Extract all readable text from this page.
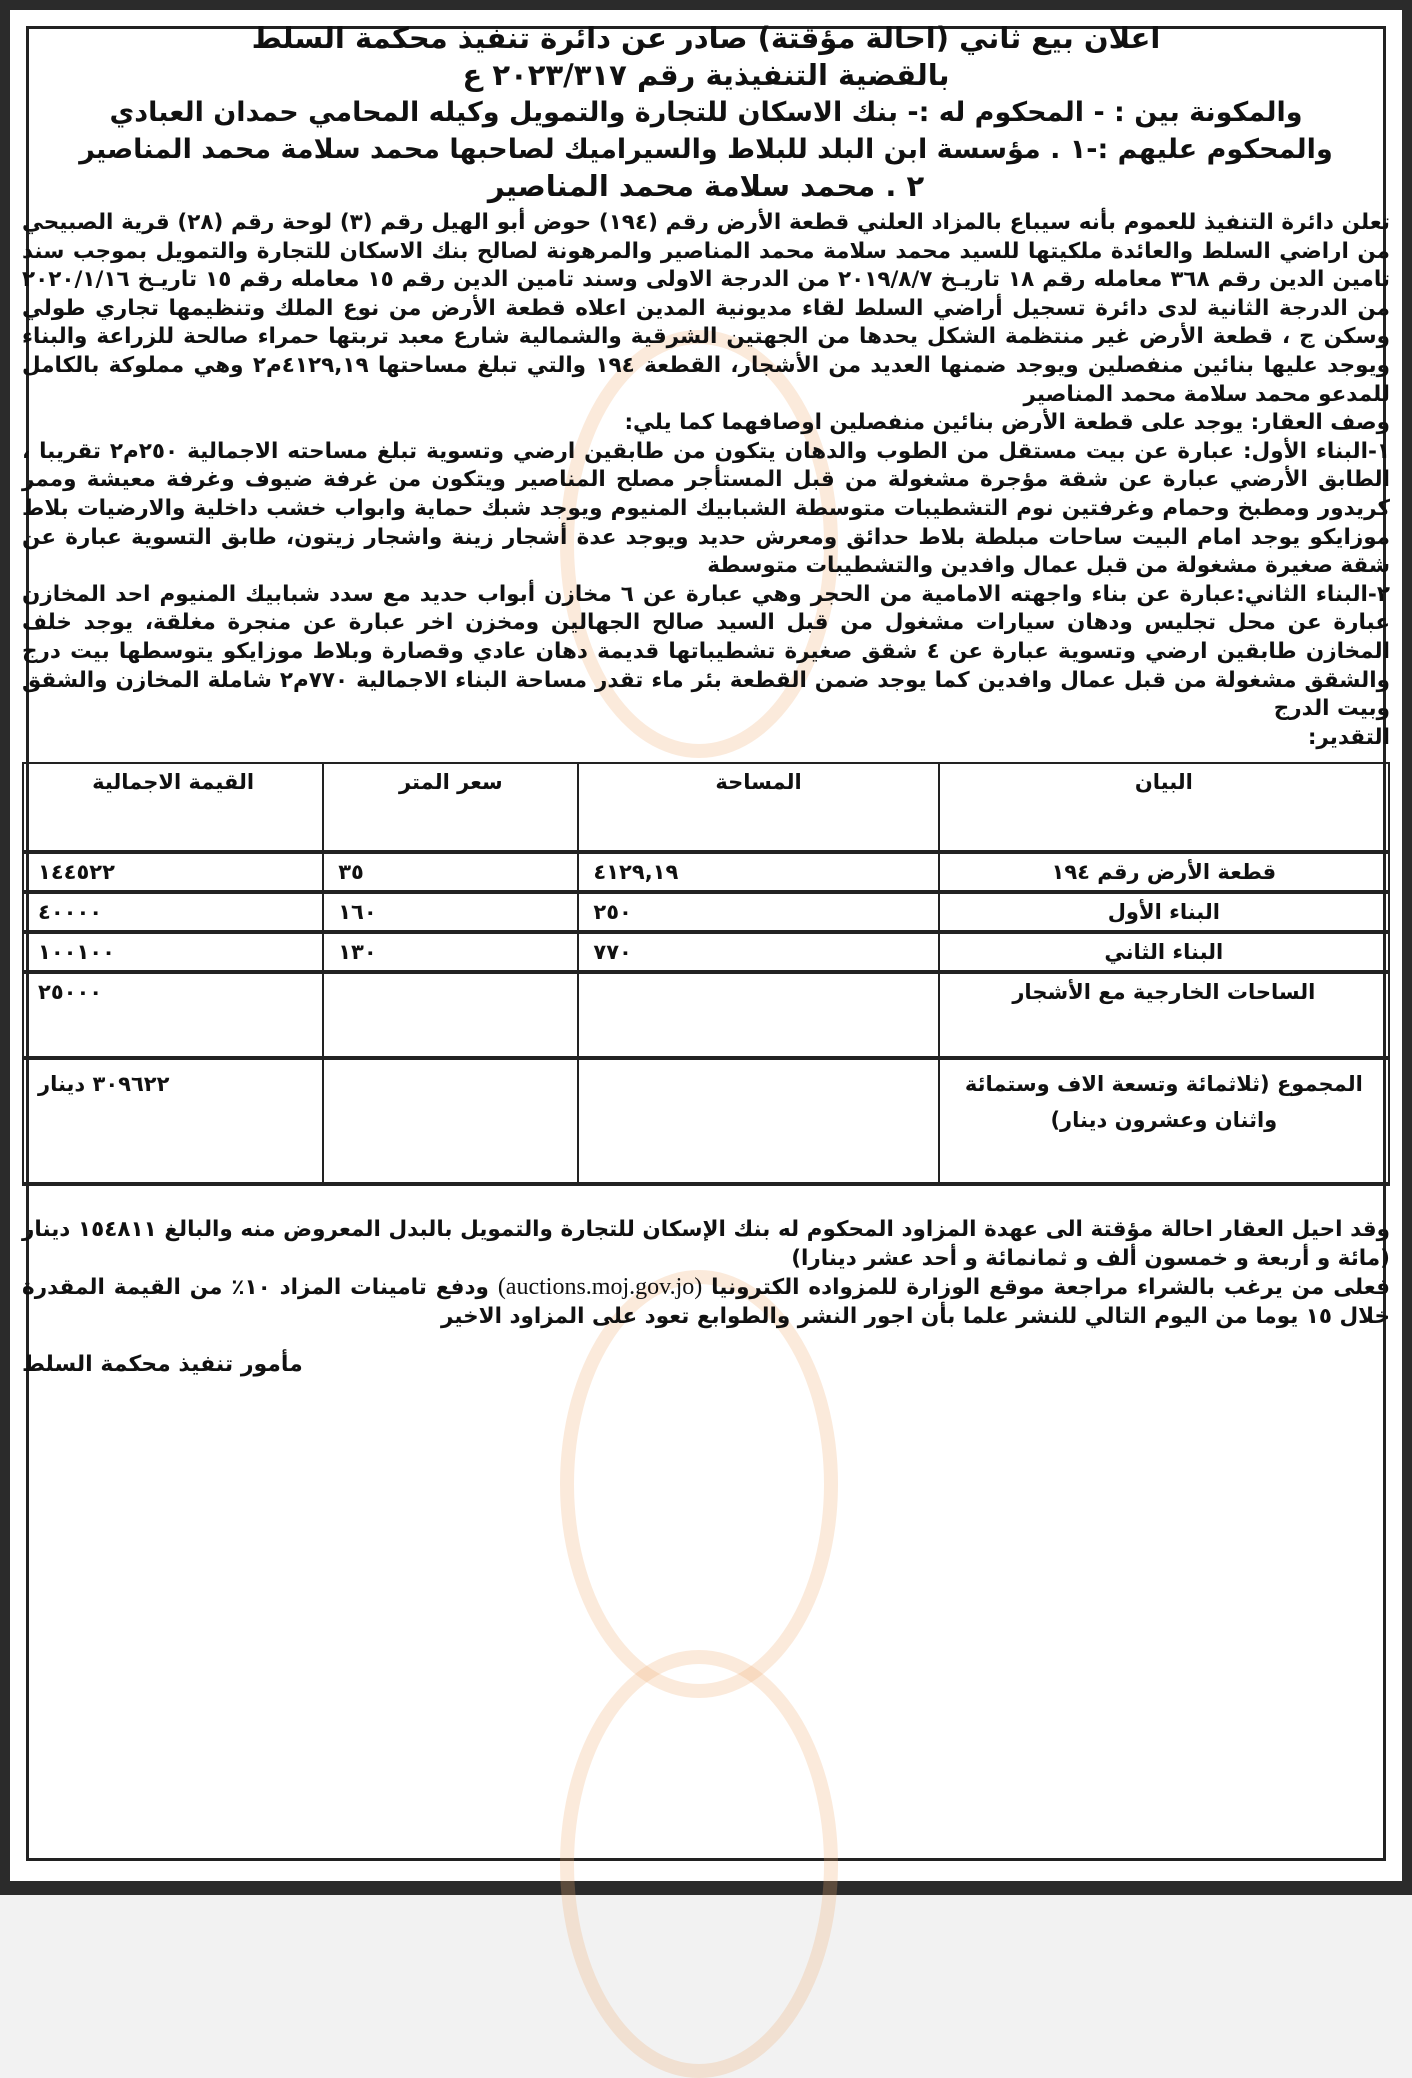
اعلان بيع ثاني (احالة مؤقتة) صادر عن دائرة تنفيذ محكمة السلط
بالقضية التنفيذية رقم ٢٠٢٣/٣١٧ ع
والمكونة بين : - المحكوم له :- بنك الاسكان للتجارة والتمويل وكيله المحامي حمدان العبادي
والمحكوم عليهم :-١ . مؤسسة ابن البلد للبلاط والسيراميك لصاحبها محمد سلامة محمد المناصير
٢ . محمد سلامة محمد المناصير

تعلن دائرة التنفيذ للعموم بأنه سيباع بالمزاد العلني قطعة الأرض رقم (١٩٤) حوض أبو الهيل رقم (٣) لوحة رقم (٢٨) قرية الصبيحي من اراضي السلط والعائدة ملكيتها للسيد محمد سلامة محمد المناصير والمرهونة لصالح بنك الاسكان للتجارة والتمويل بموجب سند تامين الدين رقم ٣٦٨ معامله رقم ١٨ تاريـخ ٢٠١٩/٨/٧ من الدرجة الاولى وسند تامين الدين رقم ١٥ معامله رقم ١٥ تاريـخ ٢٠٢٠/١/١٦ من الدرجة الثانية لدى دائرة تسجيل أراضي السلط لقاء مديونية المدين اعلاه قطعة الأرض من نوع الملك وتنظيمها تجاري طولي وسكن ج ، قطعة الأرض غير منتظمة الشكل يحدها من الجهتين الشرقية والشمالية شارع معبد تربتها حمراء صالحة للزراعة والبناء ويوجد عليها بنائين منفصلين ويوجد ضمنها العديد من الأشجار، القطعة ١٩٤ والتي تبلغ مساحتها ٤١٢٩,١٩م٢ وهي مملوكة بالكامل للمدعو محمد سلامة محمد المناصير

وصف العقار: يوجد على قطعة الأرض بنائين منفصلين اوصافهما كما يلي:

١-البناء الأول: عبارة عن بيت مستقل من الطوب والدهان يتكون من طابقين ارضي وتسوية تبلغ مساحته الاجمالية ٢٥٠م٢ تقريبا ، الطابق الأرضي عبارة عن شقة مؤجرة مشغولة من قبل المستأجر مصلح المناصير ويتكون من غرفة ضيوف وغرفة معيشة وممر كريدور ومطبخ وحمام وغرفتين نوم التشطيبات متوسطة الشبابيك المنيوم ويوجد شبك حماية وابواب خشب داخلية والارضيات بلاط موزايكو يوجد امام البيت ساحات مبلطة بلاط حدائق ومعرش حديد ويوجد عدة أشجار زينة واشجار زيتون، طابق التسوية عبارة عن شقة صغيرة مشغولة من قبل عمال وافدين والتشطيبات متوسطة

٢-البناء الثاني:عبارة عن بناء واجهته الامامية من الحجر وهي عبارة عن ٦ مخازن أبواب حديد مع سدد شبابيك المنيوم احد المخازن عبارة عن محل تجليس ودهان سيارات مشغول من قبل السيد صالح الجهالين ومخزن اخر عبارة عن منجرة مغلقة، يوجد خلف المخازن طابقين ارضي وتسوية عبارة عن ٤ شقق صغيرة تشطيباتها قديمة دهان عادي وقصارة وبلاط موزايكو يتوسطها بيت درج والشقق مشغولة من قبل عمال وافدين كما يوجد ضمن القطعة بئر ماء تقدر مساحة البناء الاجمالية ٧٧٠م٢ شاملة المخازن والشقق وبيت الدرج

التقدير:

البيان	المساحة	سعر المتر	القيمة الاجمالية
قطعة الأرض رقم ١٩٤	٤١٢٩,١٩	٣٥	١٤٤٥٢٢
البناء الأول	٢٥٠	١٦٠	٤٠٠٠٠
البناء الثاني	٧٧٠	١٣٠	١٠٠١٠٠
الساحات الخارجية مع الأشجار			٢٥٠٠٠
المجموع (ثلاثمائة وتسعة الاف وستمائة واثنان وعشرون دينار)			٣٠٩٦٢٢ دينار

وقد احيل العقار احالة مؤقتة الى عهدة المزاود المحكوم له بنك الإسكان للتجارة والتمويل بالبدل المعروض منه والبالغ ١٥٤٨١١ دينار (مائة و أربعة و خمسون ألف و ثمانمائة و أحد عشر دينارا)

فعلى من يرغب بالشراء مراجعة موقع الوزارة للمزواده الكترونيا (auctions.moj.gov.jo) ودفع تامينات المزاد ١٠٪ من القيمة المقدرة خلال ١٥ يوما من اليوم التالي للنشر علما بأن اجور النشر والطوابع تعود على المزاود الاخير

مأمور تنفيذ محكمة السلط
